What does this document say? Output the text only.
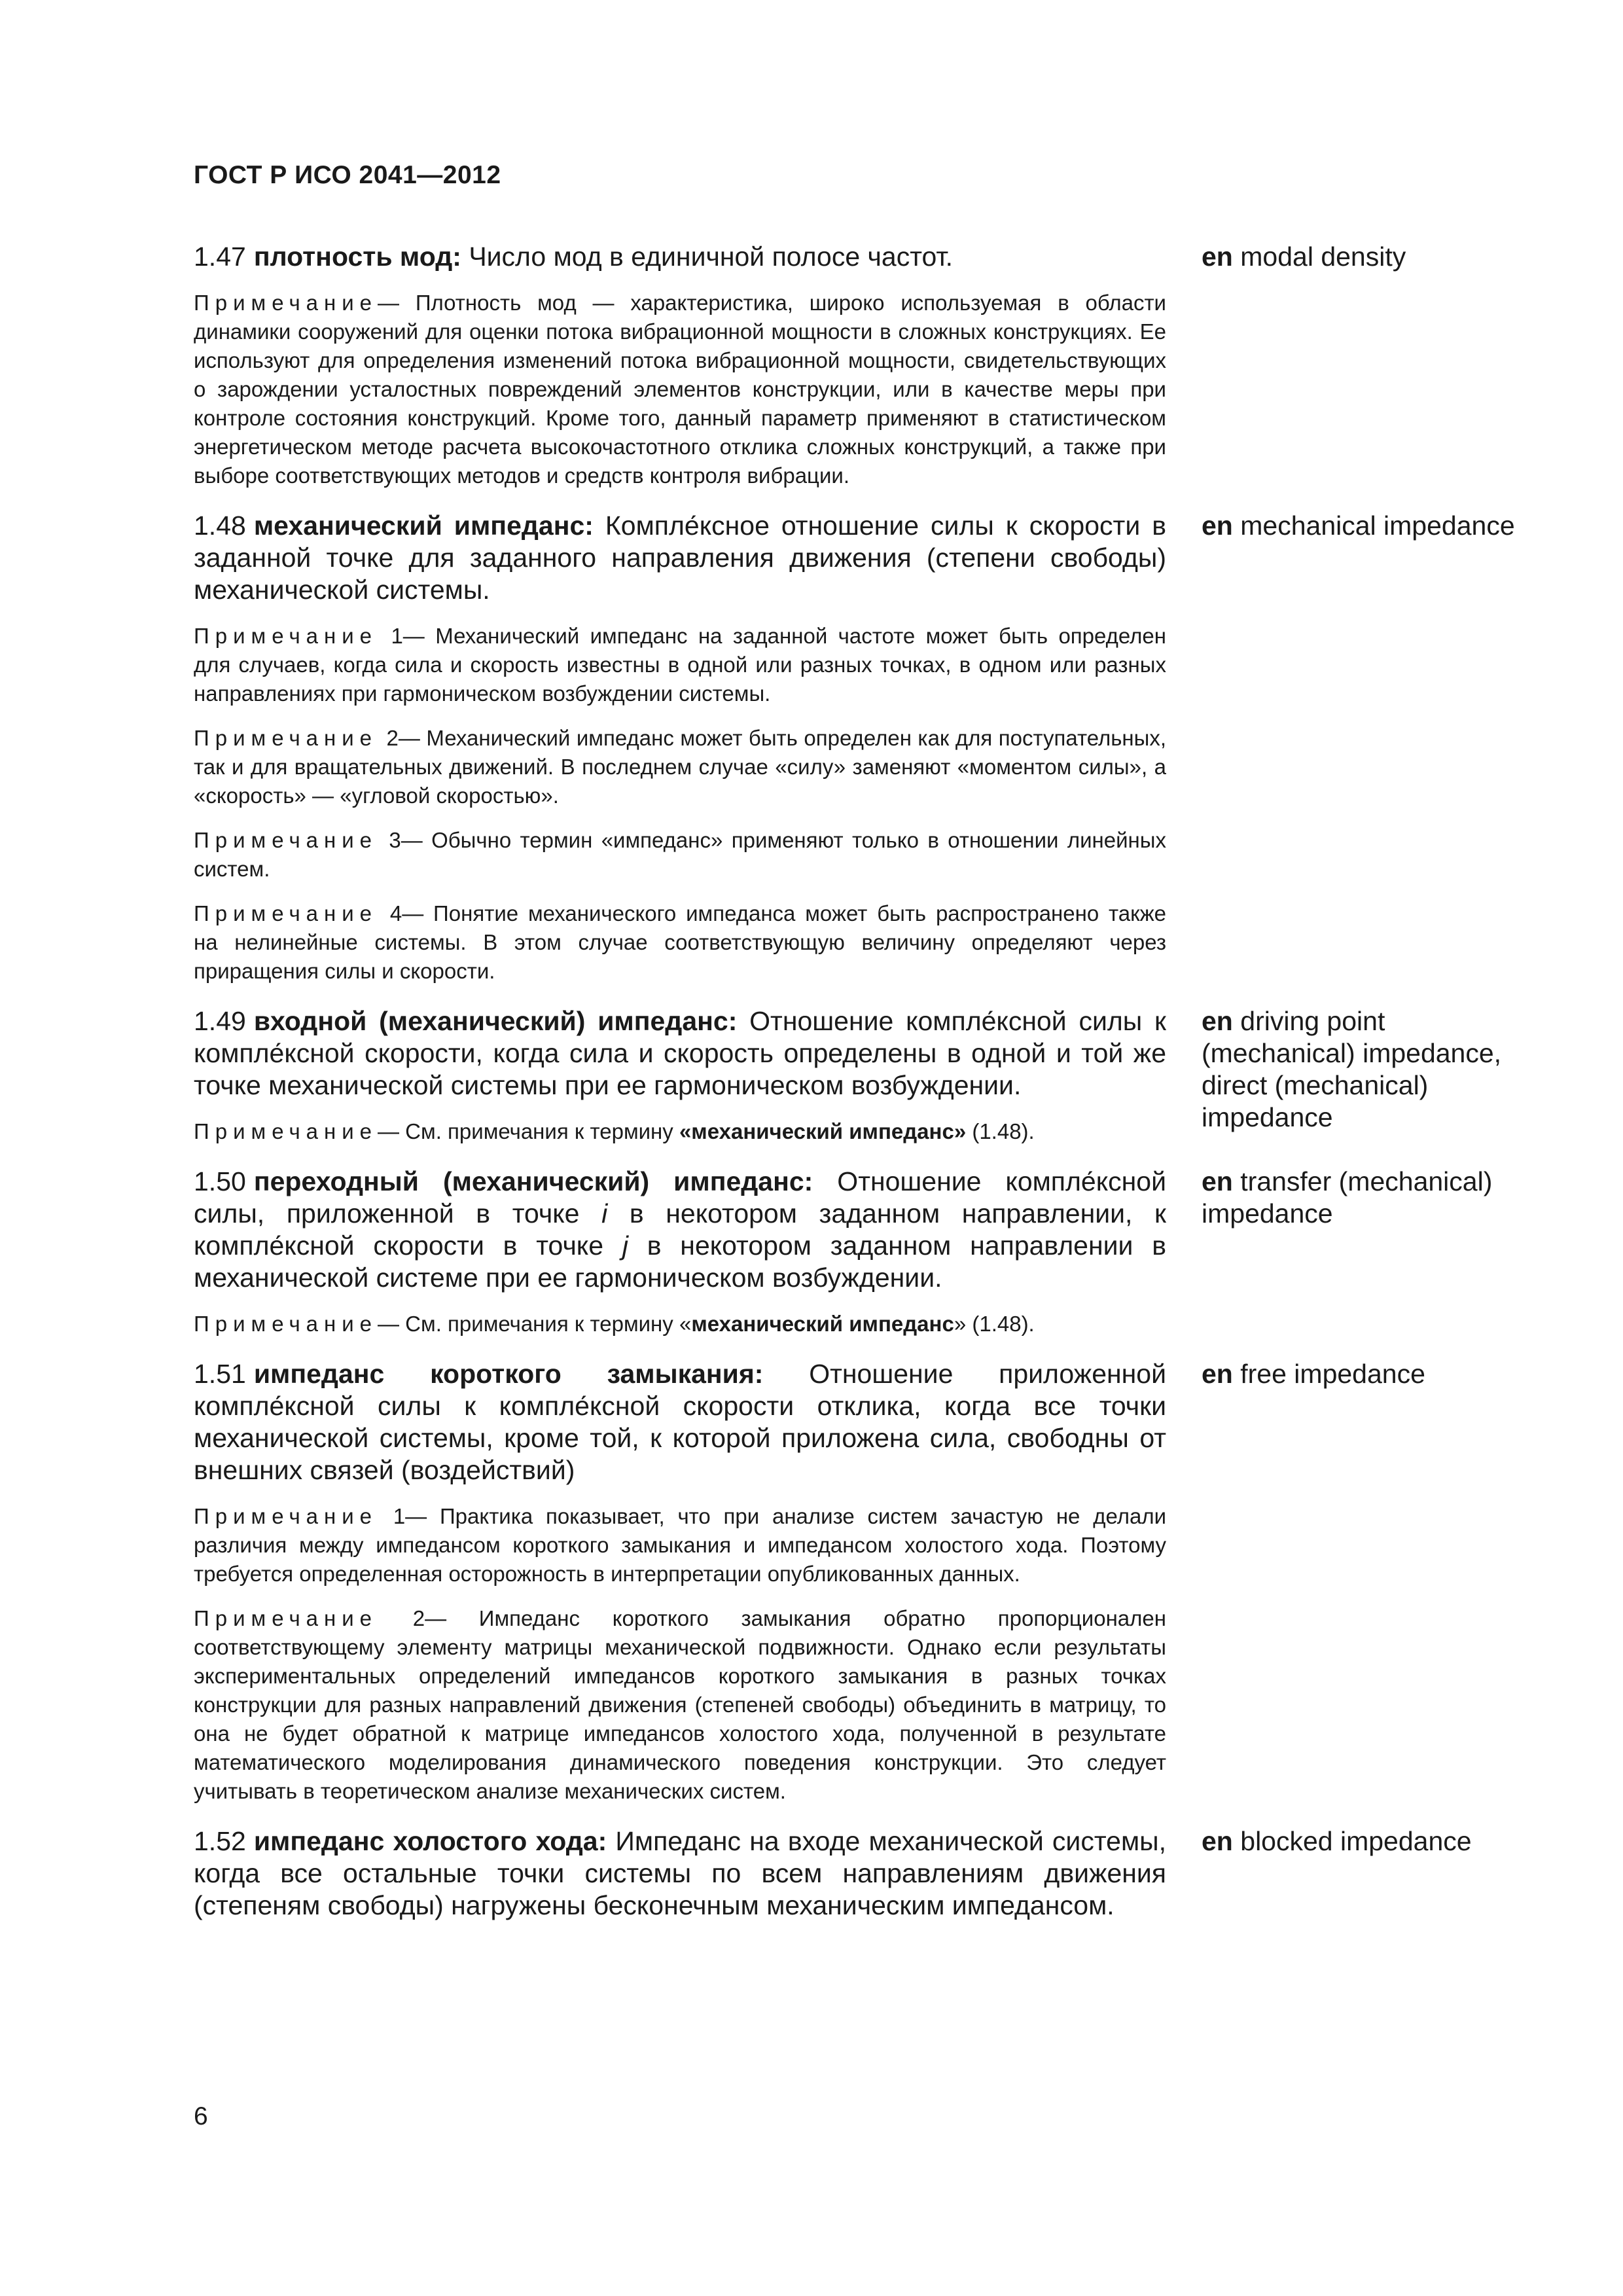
ГОСТ Р ИСО 2041—2012

1.47 плотность мод: Число мод в единичной полосе частот.

Примечание— Плотность мод — характеристика, широко используемая в области динамики сооружений для оценки потока вибрационной мощности в сложных конструкциях. Ее используют для определения изменений потока вибрационной мощности, свидетельствующих о зарождении усталостных повреждений элементов конструкции, или в качестве меры при контроле состояния конструкций. Кроме того, данный параметр применяют в статистическом энергетическом методе расчета высокочастотного отклика сложных конструкций, а также при выборе соответствующих методов и средств контроля вибрации.

en modal density

1.48 механический импеданс: Компле́ксное отношение силы к скорости в заданной точке для заданного направления движения (степени свободы) механической системы.

Примечание 1— Механический импеданс на заданной частоте может быть определен для случаев, когда сила и скорость известны в одной или разных точках, в одном или разных направлениях при гармоническом возбуждении системы.

Примечание 2— Механический импеданс может быть определен как для поступательных, так и для вращательных движений. В последнем случае «силу» заменяют «моментом силы», а «скорость» — «угловой скоростью».

Примечание 3— Обычно термин «импеданс» применяют только в отношении линейных систем.

Примечание 4— Понятие механического импеданса может быть распространено также на нелинейные системы. В этом случае соответствующую величину определяют через приращения силы и скорости.

en mechanical impedance

1.49 входной (механический) импеданс: Отношение компле́ксной силы к компле́ксной скорости, когда сила и скорость определены в одной и той же точке механической системы при ее гармоническом возбуждении.

Примечание— См. примечания к термину «механический импеданс» (1.48).

en driving point (mechanical) impedance, direct (mechanical) impedance

1.50 переходный (механический) импеданс: Отношение компле́ксной силы, приложенной в точке i в некотором заданном направлении, к компле́ксной скорости в точке j в некотором заданном направлении в механической системе при ее гармоническом возбуждении.

Примечание— См. примечания к термину «механический импеданс» (1.48).

en transfer (mechanical) impedance

1.51 импеданс короткого замыкания: Отношение приложенной компле́ксной силы к компле́ксной скорости отклика, когда все точки механической системы, кроме той, к которой приложена сила, свободны от внешних связей (воздействий)

Примечание 1— Практика показывает, что при анализе систем зачастую не делали различия между импедансом короткого замыкания и импедансом холостого хода. Поэтому требуется определенная осторожность в интерпретации опубликованных данных.

Примечание 2— Импеданс короткого замыкания обратно пропорционален соответствующему элементу матрицы механической подвижности. Однако если результаты экспериментальных определений импедансов короткого замыкания в разных точках конструкции для разных направлений движения (степеней свободы) объединить в матрицу, то она не будет обратной к матрице импедансов холостого хода, полученной в результате математического моделирования динамического поведения конструкции. Это следует учитывать в теоретическом анализе механических систем.

en free impedance

1.52 импеданс холостого хода: Импеданс на входе механической системы, когда все остальные точки системы по всем направлениям движения (степеням свободы) нагружены бесконечным механическим импедансом.

en blocked impedance
6
